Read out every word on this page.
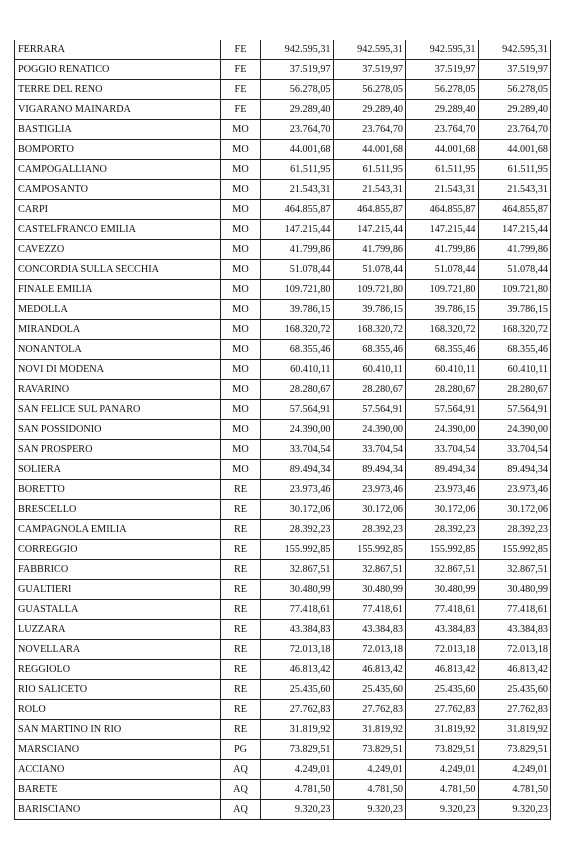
FERRARA	FE	942.595,31	942.595,31	942.595,31	942.595,31
POGGIO RENATICO	FE	37.519,97	37.519,97	37.519,97	37.519,97
TERRE DEL RENO	FE	56.278,05	56.278,05	56.278,05	56.278,05
VIGARANO MAINARDA	FE	29.289,40	29.289,40	29.289,40	29.289,40
BASTIGLIA	MO	23.764,70	23.764,70	23.764,70	23.764,70
BOMPORTO	MO	44.001,68	44.001,68	44.001,68	44.001,68
CAMPOGALLIANO	MO	61.511,95	61.511,95	61.511,95	61.511,95
CAMPOSANTO	MO	21.543,31	21.543,31	21.543,31	21.543,31
CARPI	MO	464.855,87	464.855,87	464.855,87	464.855,87
CASTELFRANCO EMILIA	MO	147.215,44	147.215,44	147.215,44	147.215,44
CAVEZZO	MO	41.799,86	41.799,86	41.799,86	41.799,86
CONCORDIA SULLA SECCHIA	MO	51.078,44	51.078,44	51.078,44	51.078,44
FINALE EMILIA	MO	109.721,80	109.721,80	109.721,80	109.721,80
MEDOLLA	MO	39.786,15	39.786,15	39.786,15	39.786,15
MIRANDOLA	MO	168.320,72	168.320,72	168.320,72	168.320,72
NONANTOLA	MO	68.355,46	68.355,46	68.355,46	68.355,46
NOVI DI MODENA	MO	60.410,11	60.410,11	60.410,11	60.410,11
RAVARINO	MO	28.280,67	28.280,67	28.280,67	28.280,67
SAN FELICE SUL PANARO	MO	57.564,91	57.564,91	57.564,91	57.564,91
SAN POSSIDONIO	MO	24.390,00	24.390,00	24.390,00	24.390,00
SAN PROSPERO	MO	33.704,54	33.704,54	33.704,54	33.704,54
SOLIERA	MO	89.494,34	89.494,34	89.494,34	89.494,34
BORETTO	RE	23.973,46	23.973,46	23.973,46	23.973,46
BRESCELLO	RE	30.172,06	30.172,06	30.172,06	30.172,06
CAMPAGNOLA EMILIA	RE	28.392,23	28.392,23	28.392,23	28.392,23
CORREGGIO	RE	155.992,85	155.992,85	155.992,85	155.992,85
FABBRICO	RE	32.867,51	32.867,51	32.867,51	32.867,51
GUALTIERI	RE	30.480,99	30.480,99	30.480,99	30.480,99
GUASTALLA	RE	77.418,61	77.418,61	77.418,61	77.418,61
LUZZARA	RE	43.384,83	43.384,83	43.384,83	43.384,83
NOVELLARA	RE	72.013,18	72.013,18	72.013,18	72.013,18
REGGIOLO	RE	46.813,42	46.813,42	46.813,42	46.813,42
RIO SALICETO	RE	25.435,60	25.435,60	25.435,60	25.435,60
ROLO	RE	27.762,83	27.762,83	27.762,83	27.762,83
SAN MARTINO IN RIO	RE	31.819,92	31.819,92	31.819,92	31.819,92
MARSCIANO	PG	73.829,51	73.829,51	73.829,51	73.829,51
ACCIANO	AQ	4.249,01	4.249,01	4.249,01	4.249,01
BARETE	AQ	4.781,50	4.781,50	4.781,50	4.781,50
BARISCIANO	AQ	9.320,23	9.320,23	9.320,23	9.320,23
